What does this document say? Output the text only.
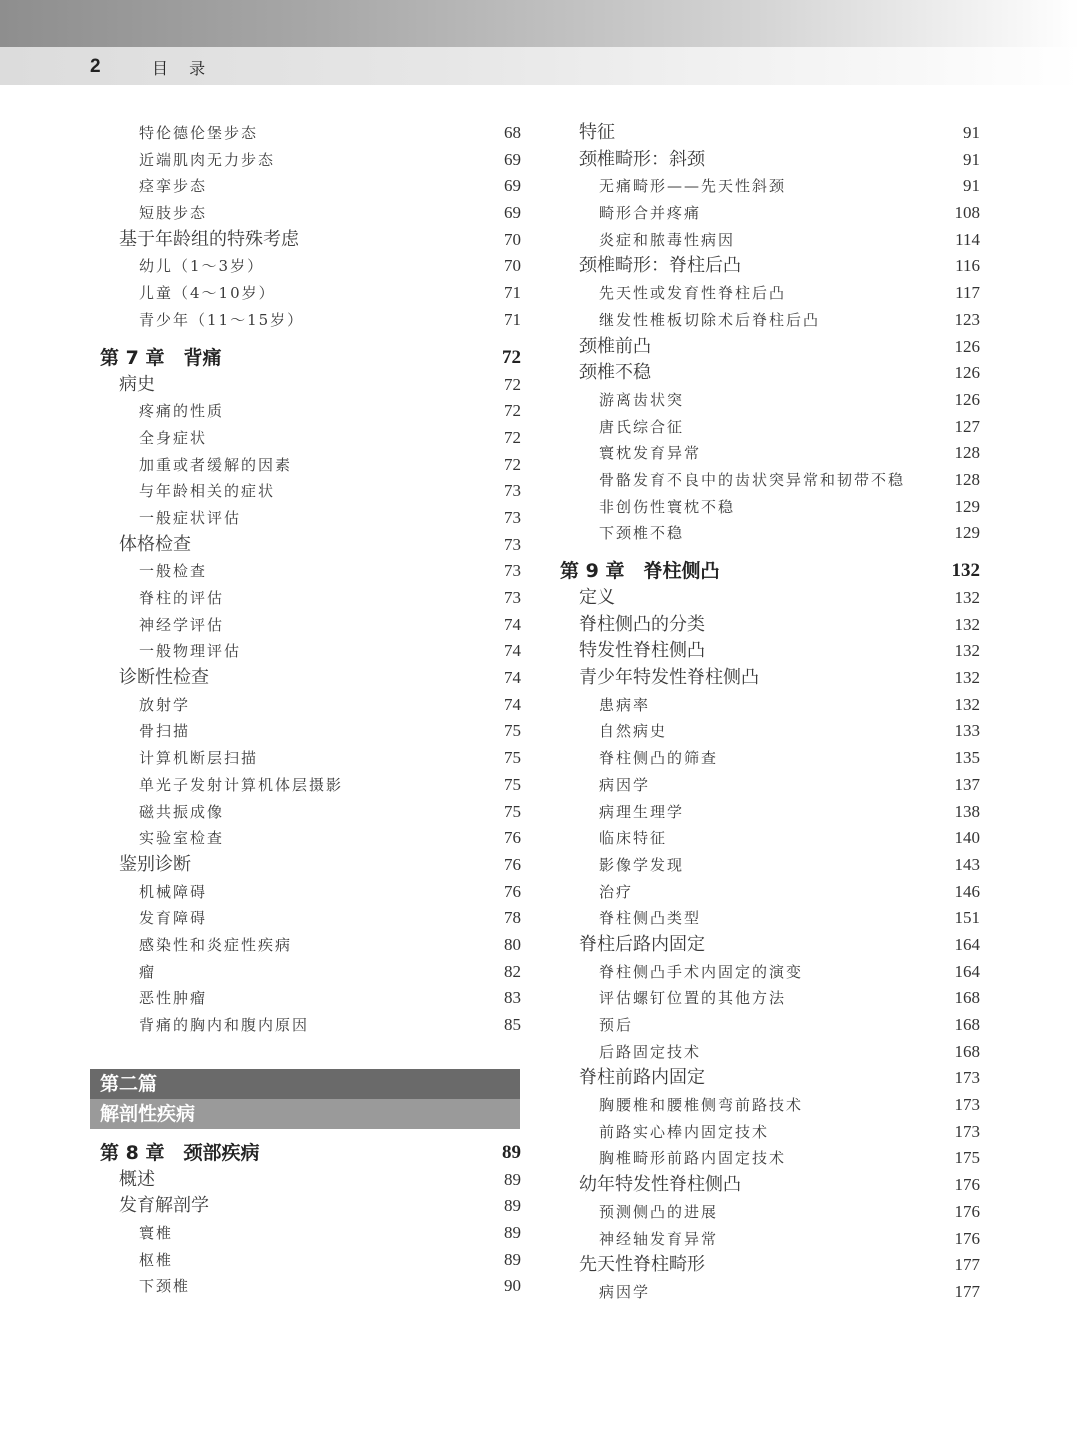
2	目 录
特伦德伦堡步态	68
近端肌肉无力步态	69
痉挛步态	69
短肢步态	69
基于年龄组的特殊考虑	70
幼儿（1～3岁）	70
儿童（4～10岁）	71
青少年（11～15岁）	71
第 7 章　背痛	72
病史	72
疼痛的性质	72
全身症状	72
加重或者缓解的因素	72
与年龄相关的症状	73
一般症状评估	73
体格检查	73
一般检查	73
脊柱的评估	73
神经学评估	74
一般物理评估	74
诊断性检查	74
放射学	74
骨扫描	75
计算机断层扫描	75
单光子发射计算机体层摄影	75
磁共振成像	75
实验室检查	76
鉴别诊断	76
机械障碍	76
发育障碍	78
感染性和炎症性疾病	80
瘤	82
恶性肿瘤	83
背痛的胸内和腹内原因	85
第二篇
解剖性疾病
第 8 章　颈部疾病	89
概述	89
发育解剖学	89
寰椎	89
枢椎	89
下颈椎	90
特征	91
颈椎畸形：斜颈	91
无痛畸形——先天性斜颈	91
畸形合并疼痛	108
炎症和脓毒性病因	114
颈椎畸形：脊柱后凸	116
先天性或发育性脊柱后凸	117
继发性椎板切除术后脊柱后凸	123
颈椎前凸	126
颈椎不稳	126
游离齿状突	126
唐氏综合征	127
寰枕发育异常	128
骨骼发育不良中的齿状突异常和韧带不稳	128
非创伤性寰枕不稳	129
下颈椎不稳	129
第 9 章　脊柱侧凸	132
定义	132
脊柱侧凸的分类	132
特发性脊柱侧凸	132
青少年特发性脊柱侧凸	132
患病率	132
自然病史	133
脊柱侧凸的筛查	135
病因学	137
病理生理学	138
临床特征	140
影像学发现	143
治疗	146
脊柱侧凸类型	151
脊柱后路内固定	164
脊柱侧凸手术内固定的演变	164
评估螺钉位置的其他方法	168
预后	168
后路固定技术	168
脊柱前路内固定	173
胸腰椎和腰椎侧弯前路技术	173
前路实心棒内固定技术	173
胸椎畸形前路内固定技术	175
幼年特发性脊柱侧凸	176
预测侧凸的进展	176
神经轴发育异常	176
先天性脊柱畸形	177
病因学	177
